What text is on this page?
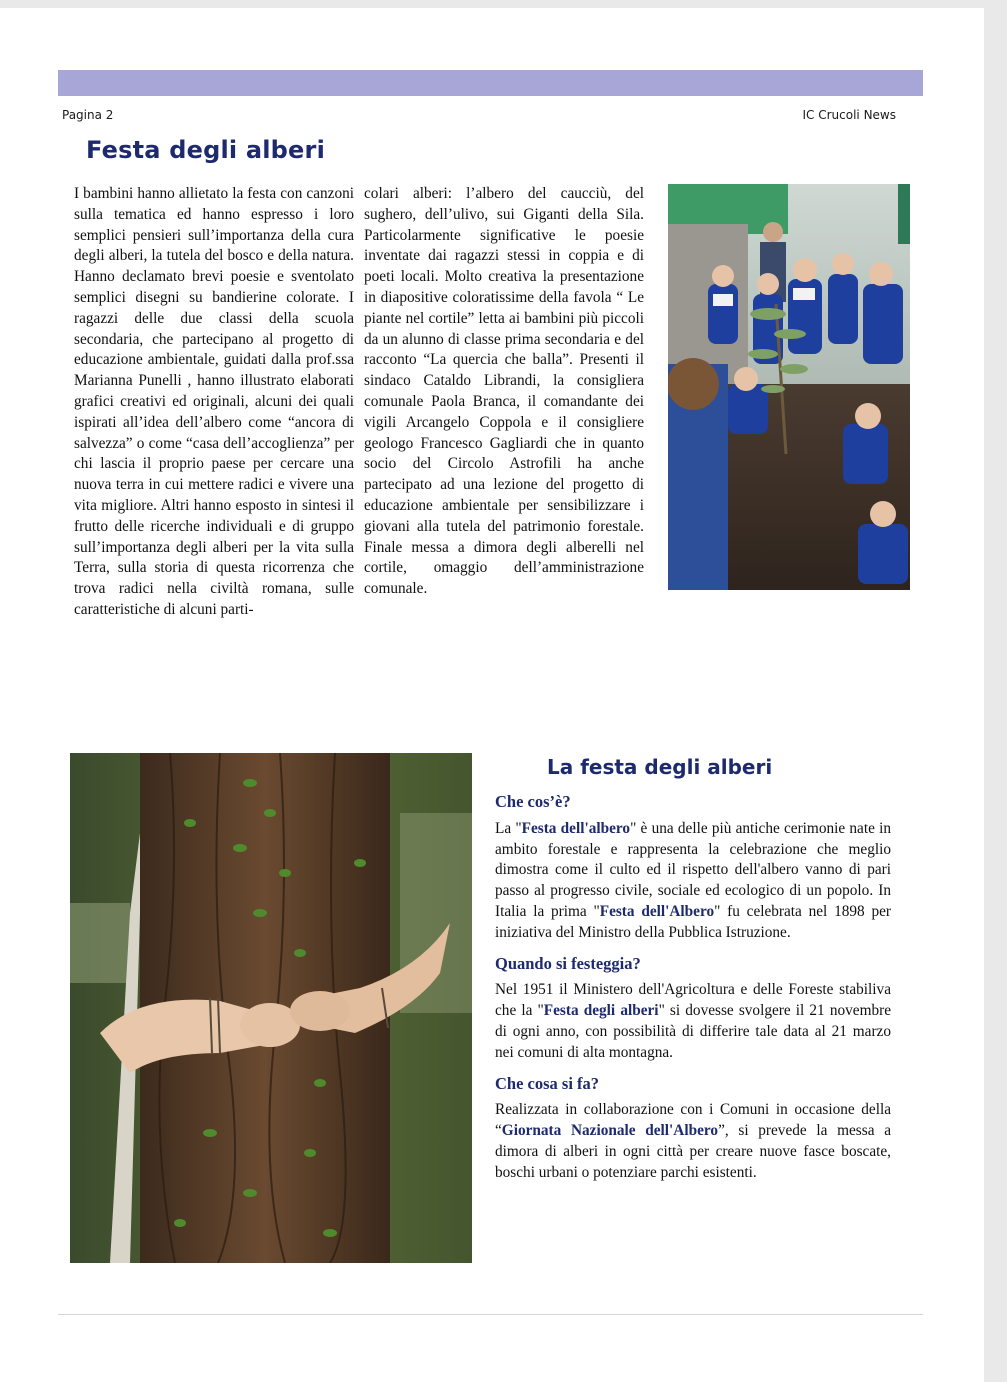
Pagina 2	IC Crucoli News
Festa degli alberi
I bambini hanno allietato la festa con canzoni sulla tematica ed hanno espresso i loro semplici pensieri sull’importanza della cura degli alberi, la tutela del bosco e della natura. Hanno declamato brevi poesie e sventolato semplici disegni su bandierine colorate. I ragazzi delle due classi della scuola secondaria, che partecipano al progetto di educazione ambientale, guidati dalla prof.ssa Marianna Punelli , hanno illustrato elaborati grafici creativi ed originali, alcuni dei quali ispirati all’idea dell’albero come “ancora di salvezza” o come “casa dell’accoglienza” per chi lascia il proprio paese per cercare una nuova terra in cui mettere radici e vivere una vita migliore. Altri hanno esposto in sintesi il frutto delle ricerche individuali e di gruppo sull’importanza degli alberi per la vita sulla Terra, sulla storia di questa ricorrenza che trova radici nella civiltà romana, sulle caratteristiche di alcuni parti-
colari alberi: l’albero del caucciù, del sughero, dell’ulivo, sui Giganti della Sila. Particolarmente significative le poesie inventate dai ragazzi stessi in coppia e di poeti locali. Molto creativa la presentazione in diapositive coloratissime della favola “ Le piante nel cortile” letta ai bambini più piccoli da un alunno di classe prima secondaria e del racconto “La quercia che balla”. Presenti il sindaco Cataldo Librandi, la consigliera comunale Paola Branca, il comandante dei vigili Arcangelo Coppola e il consigliere geologo Francesco Gagliardi che in quanto socio del Circolo Astrofili ha anche partecipato ad una lezione del progetto di educazione ambientale per sensibilizzare i giovani alla tutela del patrimonio forestale. Finale messa a dimora degli alberelli nel cortile, omaggio dell’amministrazione comunale.
La festa degli alberi
Che cos’è?

La "Festa dell'albero" è una delle più antiche cerimonie nate in ambito forestale e rappresenta la celebrazione che meglio dimostra come il culto ed il rispetto dell'albero vanno di pari passo al progresso civile, sociale ed ecologico di un popolo. In Italia la prima "Festa dell'Albero" fu celebrata nel 1898 per iniziativa del Ministro della Pubblica Istruzione.

Quando si festeggia?

Nel 1951 il Ministero dell'Agricoltura e delle Foreste stabiliva che la "Festa degli alberi" si dovesse svolgere il 21 novembre di ogni anno, con possibilità di differire tale data al 21 marzo nei comuni di alta montagna.

Che cosa si fa?

Realizzata in collaborazione con i Comuni in occasione della “Giornata Nazionale dell'Albero”, si prevede la messa a dimora di alberi in ogni città per creare nuove fasce boscate, boschi urbani o potenziare parchi esistenti.
